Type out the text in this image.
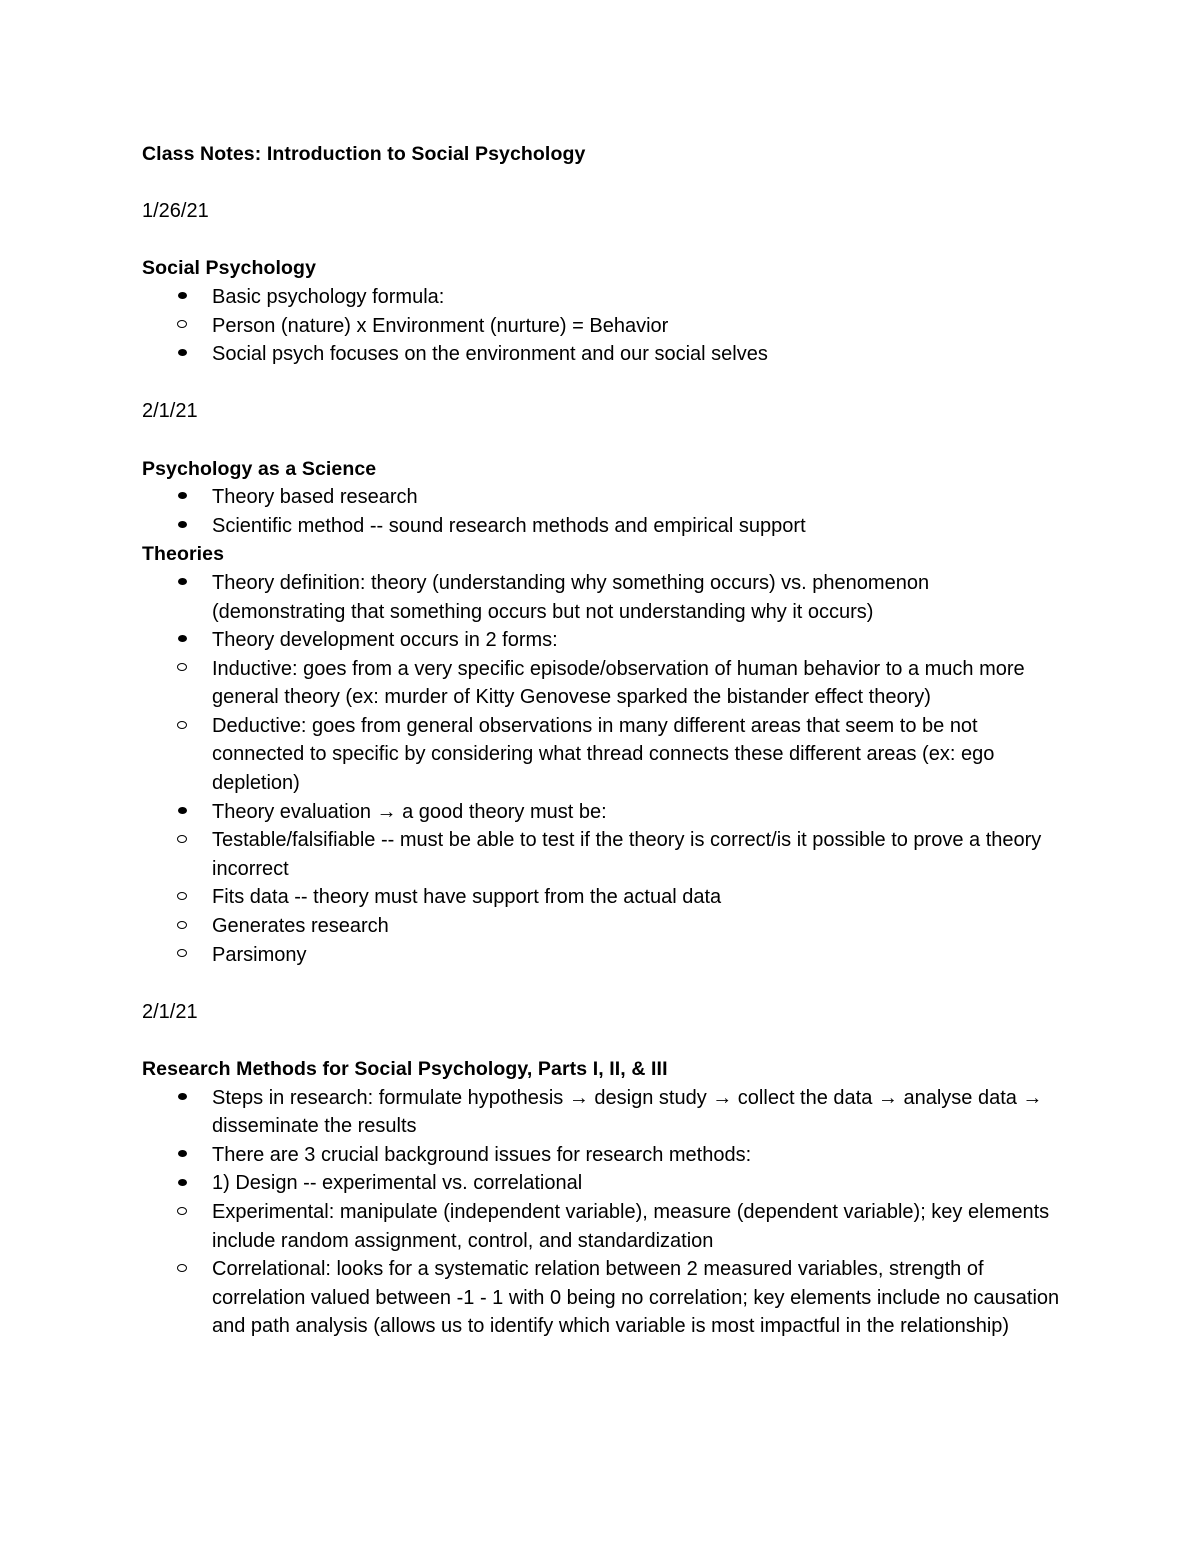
Class Notes: Introduction to Social Psychology
1/26/21
Social Psychology
Basic psychology formula:
Person (nature) x Environment (nurture) = Behavior
Social psych focuses on the environment and our social selves
2/1/21
Psychology as a Science
Theory based research
Scientific method -- sound research methods and empirical support
Theories
Theory definition: theory (understanding why something occurs) vs. phenomenon (demonstrating that something occurs but not understanding why it occurs)
Theory development occurs in 2 forms:
Inductive: goes from a very specific episode/observation of human behavior to a much more general theory (ex: murder of Kitty Genovese sparked the bistander effect theory)
Deductive: goes from general observations in many different areas that seem to be not connected to specific by considering what thread connects these different areas (ex: ego depletion)
Theory evaluation → a good theory must be:
Testable/falsifiable -- must be able to test if the theory is correct/is it possible to prove a theory incorrect
Fits data -- theory must have support from the actual data
Generates research
Parsimony
2/1/21
Research Methods for Social Psychology, Parts I, II, & III
Steps in research: formulate hypothesis → design study → collect the data → analyse data → disseminate the results
There are 3 crucial background issues for research methods:
1) Design -- experimental vs. correlational
Experimental: manipulate (independent variable), measure (dependent variable); key elements include random assignment, control, and standardization
Correlational: looks for a systematic relation between 2 measured variables, strength of correlation valued between -1 - 1 with 0 being no correlation; key elements include no causation and path analysis (allows us to identify which variable is most impactful in the relationship)
